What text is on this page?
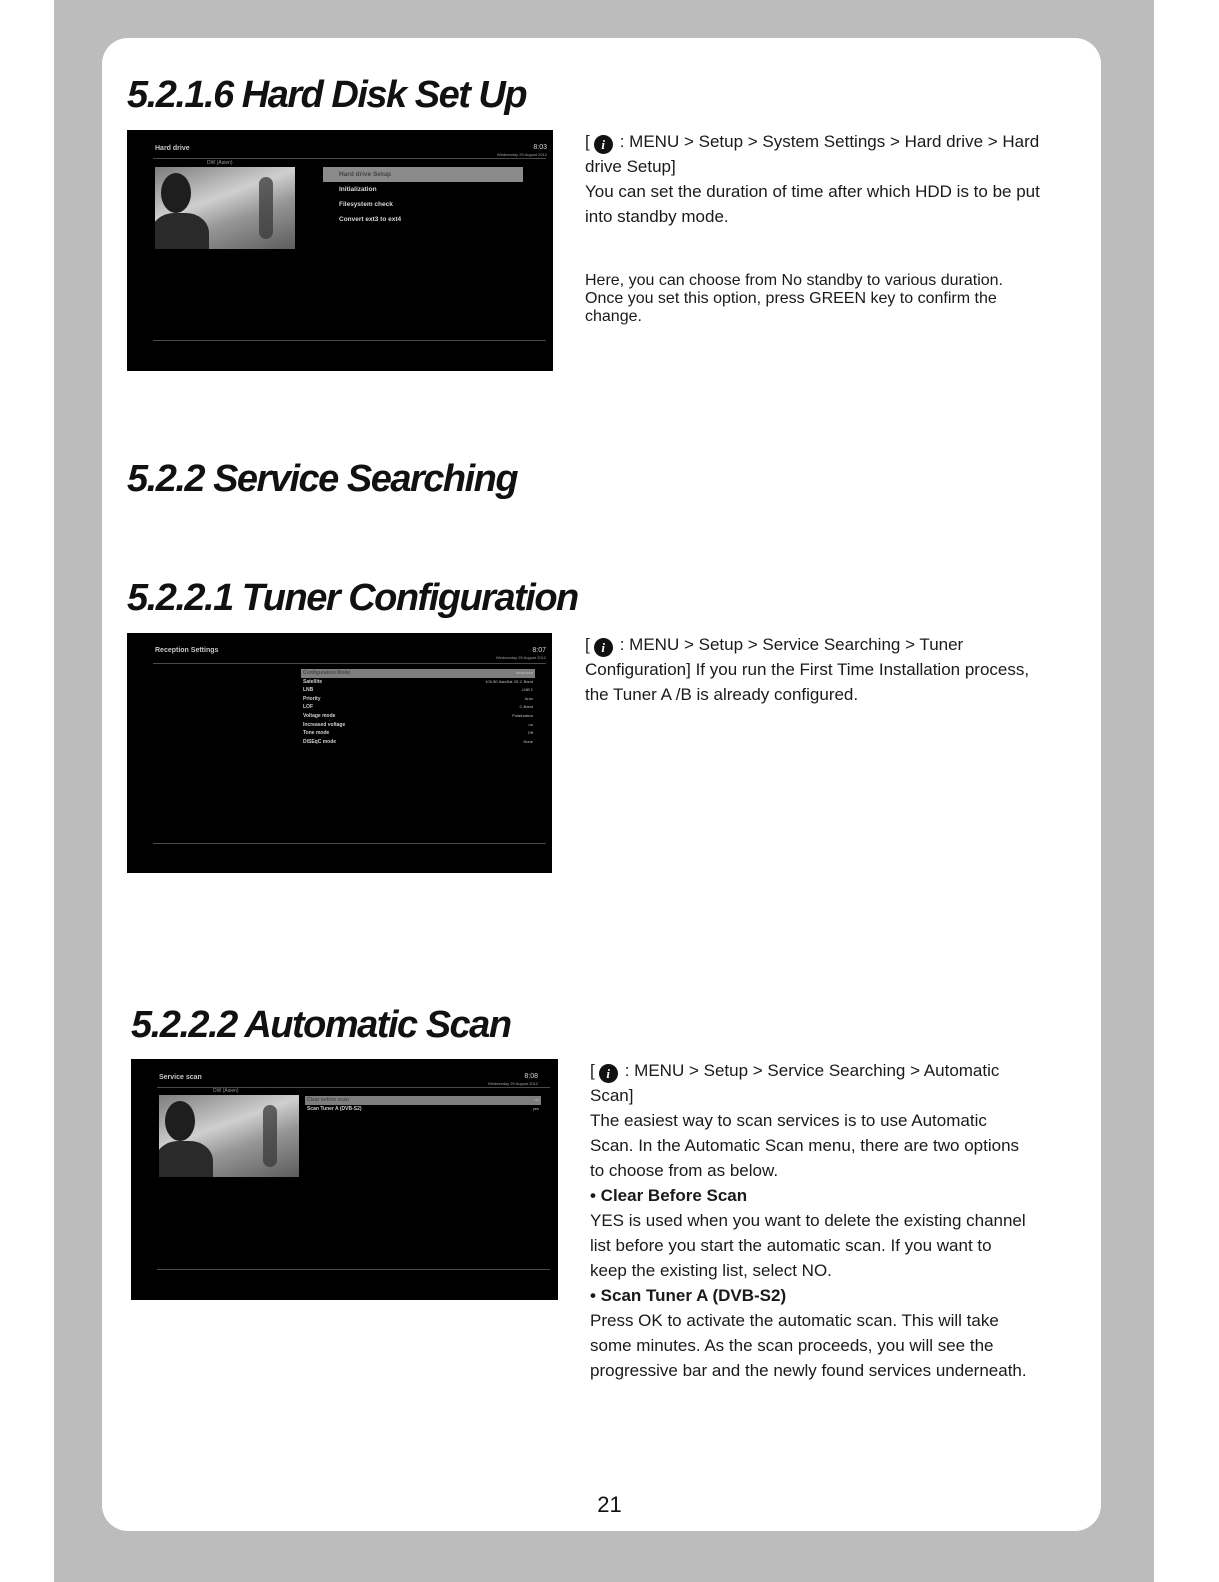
5.2.1.6 Hard Disk Set Up
Hard drive	8:03
Wednesday 29 August 2012
DW (Asien)
Hard drive Setup
Initialization
Filesystem check
Convert ext3 to ext4

[ i : MENU > Setup > System Settings > Hard drive > Hard drive Setup]

You can set the duration of time after which HDD is to be put into standby mode.

Here, you can choose from No standby to various duration.

Once you set this option, press GREEN key to confirm the change.

5.2.2 Service Searching
5.2.2.1 Tuner Configuration
Reception Settings	8:07
Wednesday 29 August 2012
Configuration Mode	advanced
Satellite	105.5E AsiaSat 3S C Band
LNB	LNB 1
Priority	Auto
LOF	C-Band
Voltage mode	Polarization
Increased voltage	no
Tone mode	Off
DiSEqC mode	None

[ i : MENU > Setup > Service Searching > Tuner Configuration] If you run the First Time Installation process, the Tuner A /B is already configured.

5.2.2.2 Automatic Scan
Service scan	8:08
Wednesday 29 August 2012
DW (Asien)
Clear before scan	no
Scan Tuner A (DVB-S2)	yes

[ i : MENU > Setup > Service Searching > Automatic Scan]

The easiest way to scan services is to use Automatic Scan. In the Automatic Scan menu, there are two options to choose from as below.

• Clear Before Scan

YES is used when you want to delete the existing channel list before you start the automatic scan. If you want to keep the existing list, select NO.

• Scan Tuner A (DVB-S2)

Press OK to activate the automatic scan. This will take some minutes. As the scan proceeds, you will see the progressive bar and the newly found services underneath.

21
